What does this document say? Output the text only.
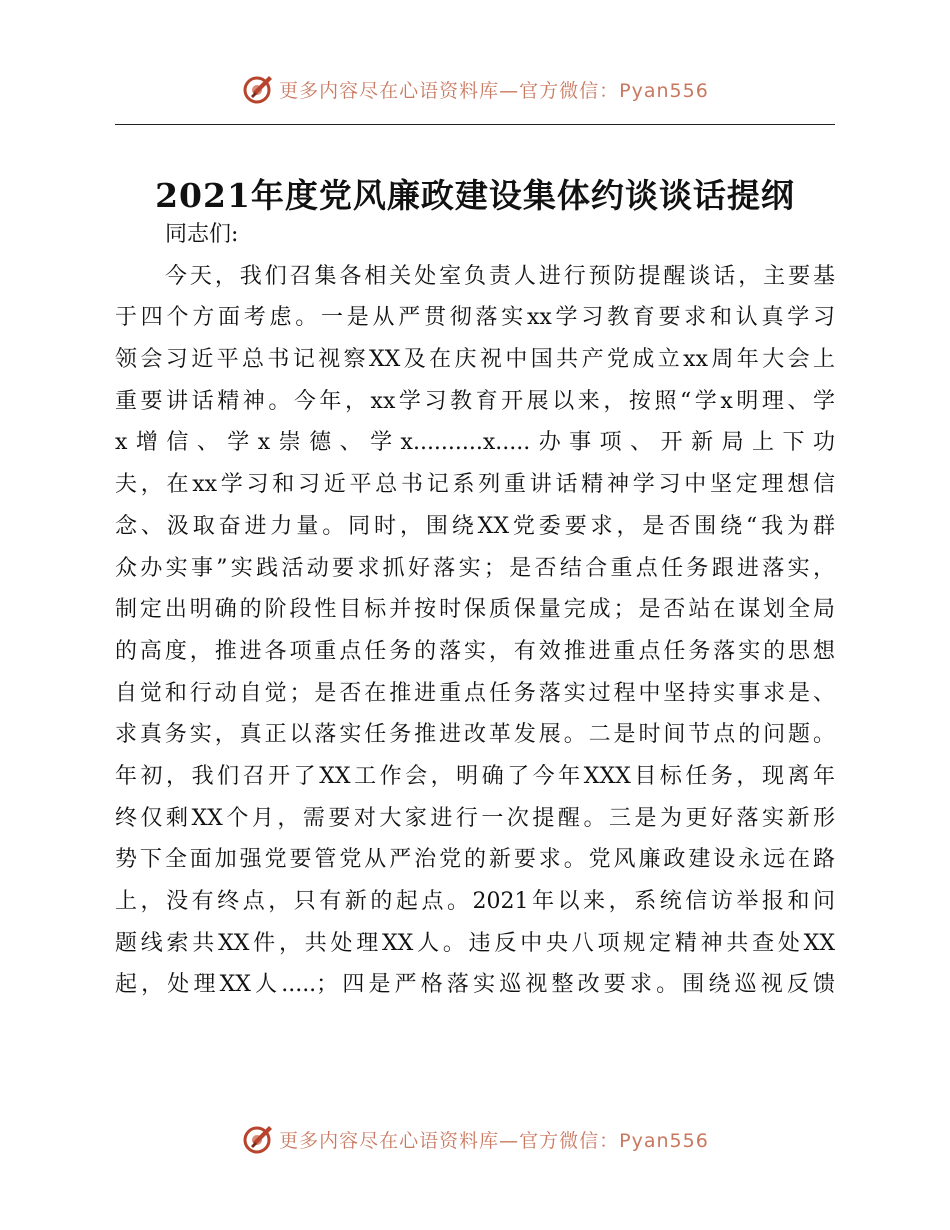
更多内容尽在心语资料库—官方微信：Pyan556
2021年度党风廉政建设集体约谈谈话提纲
同志们:
今天，我们召集各相关处室负责人进行预防提醒谈话，主要基
于四个方面考虑。一是从严贯彻落实xx学习教育要求和认真学习
领会习近平总书记视察XX及在庆祝中国共产党成立xx周年大会上
重要讲话精神。今年，xx学习教育开展以来，按照“学x明理、学
x增信、学x崇德、学x..........x.....办事项、开新局上下功
夫，在xx学习和习近平总书记系列重讲话精神学习中坚定理想信
念、汲取奋进力量。同时，围绕XX党委要求，是否围绕“我为群
众办实事”实践活动要求抓好落实；是否结合重点任务跟进落实，
制定出明确的阶段性目标并按时保质保量完成；是否站在谋划全局
的高度，推进各项重点任务的落实，有效推进重点任务落实的思想
自觉和行动自觉；是否在推进重点任务落实过程中坚持实事求是、
求真务实，真正以落实任务推进改革发展。二是时间节点的问题。
年初，我们召开了XX工作会，明确了今年XXX目标任务，现离年
终仅剩XX个月，需要对大家进行一次提醒。三是为更好落实新形
势下全面加强党要管党从严治党的新要求。党风廉政建设永远在路
上，没有终点，只有新的起点。2021年以来，系统信访举报和问
题线索共XX件，共处理XX人。违反中央八项规定精神共查处XX
起，处理XX人.....；四是严格落实巡视整改要求。围绕巡视反馈
更多内容尽在心语资料库—官方微信：Pyan556
